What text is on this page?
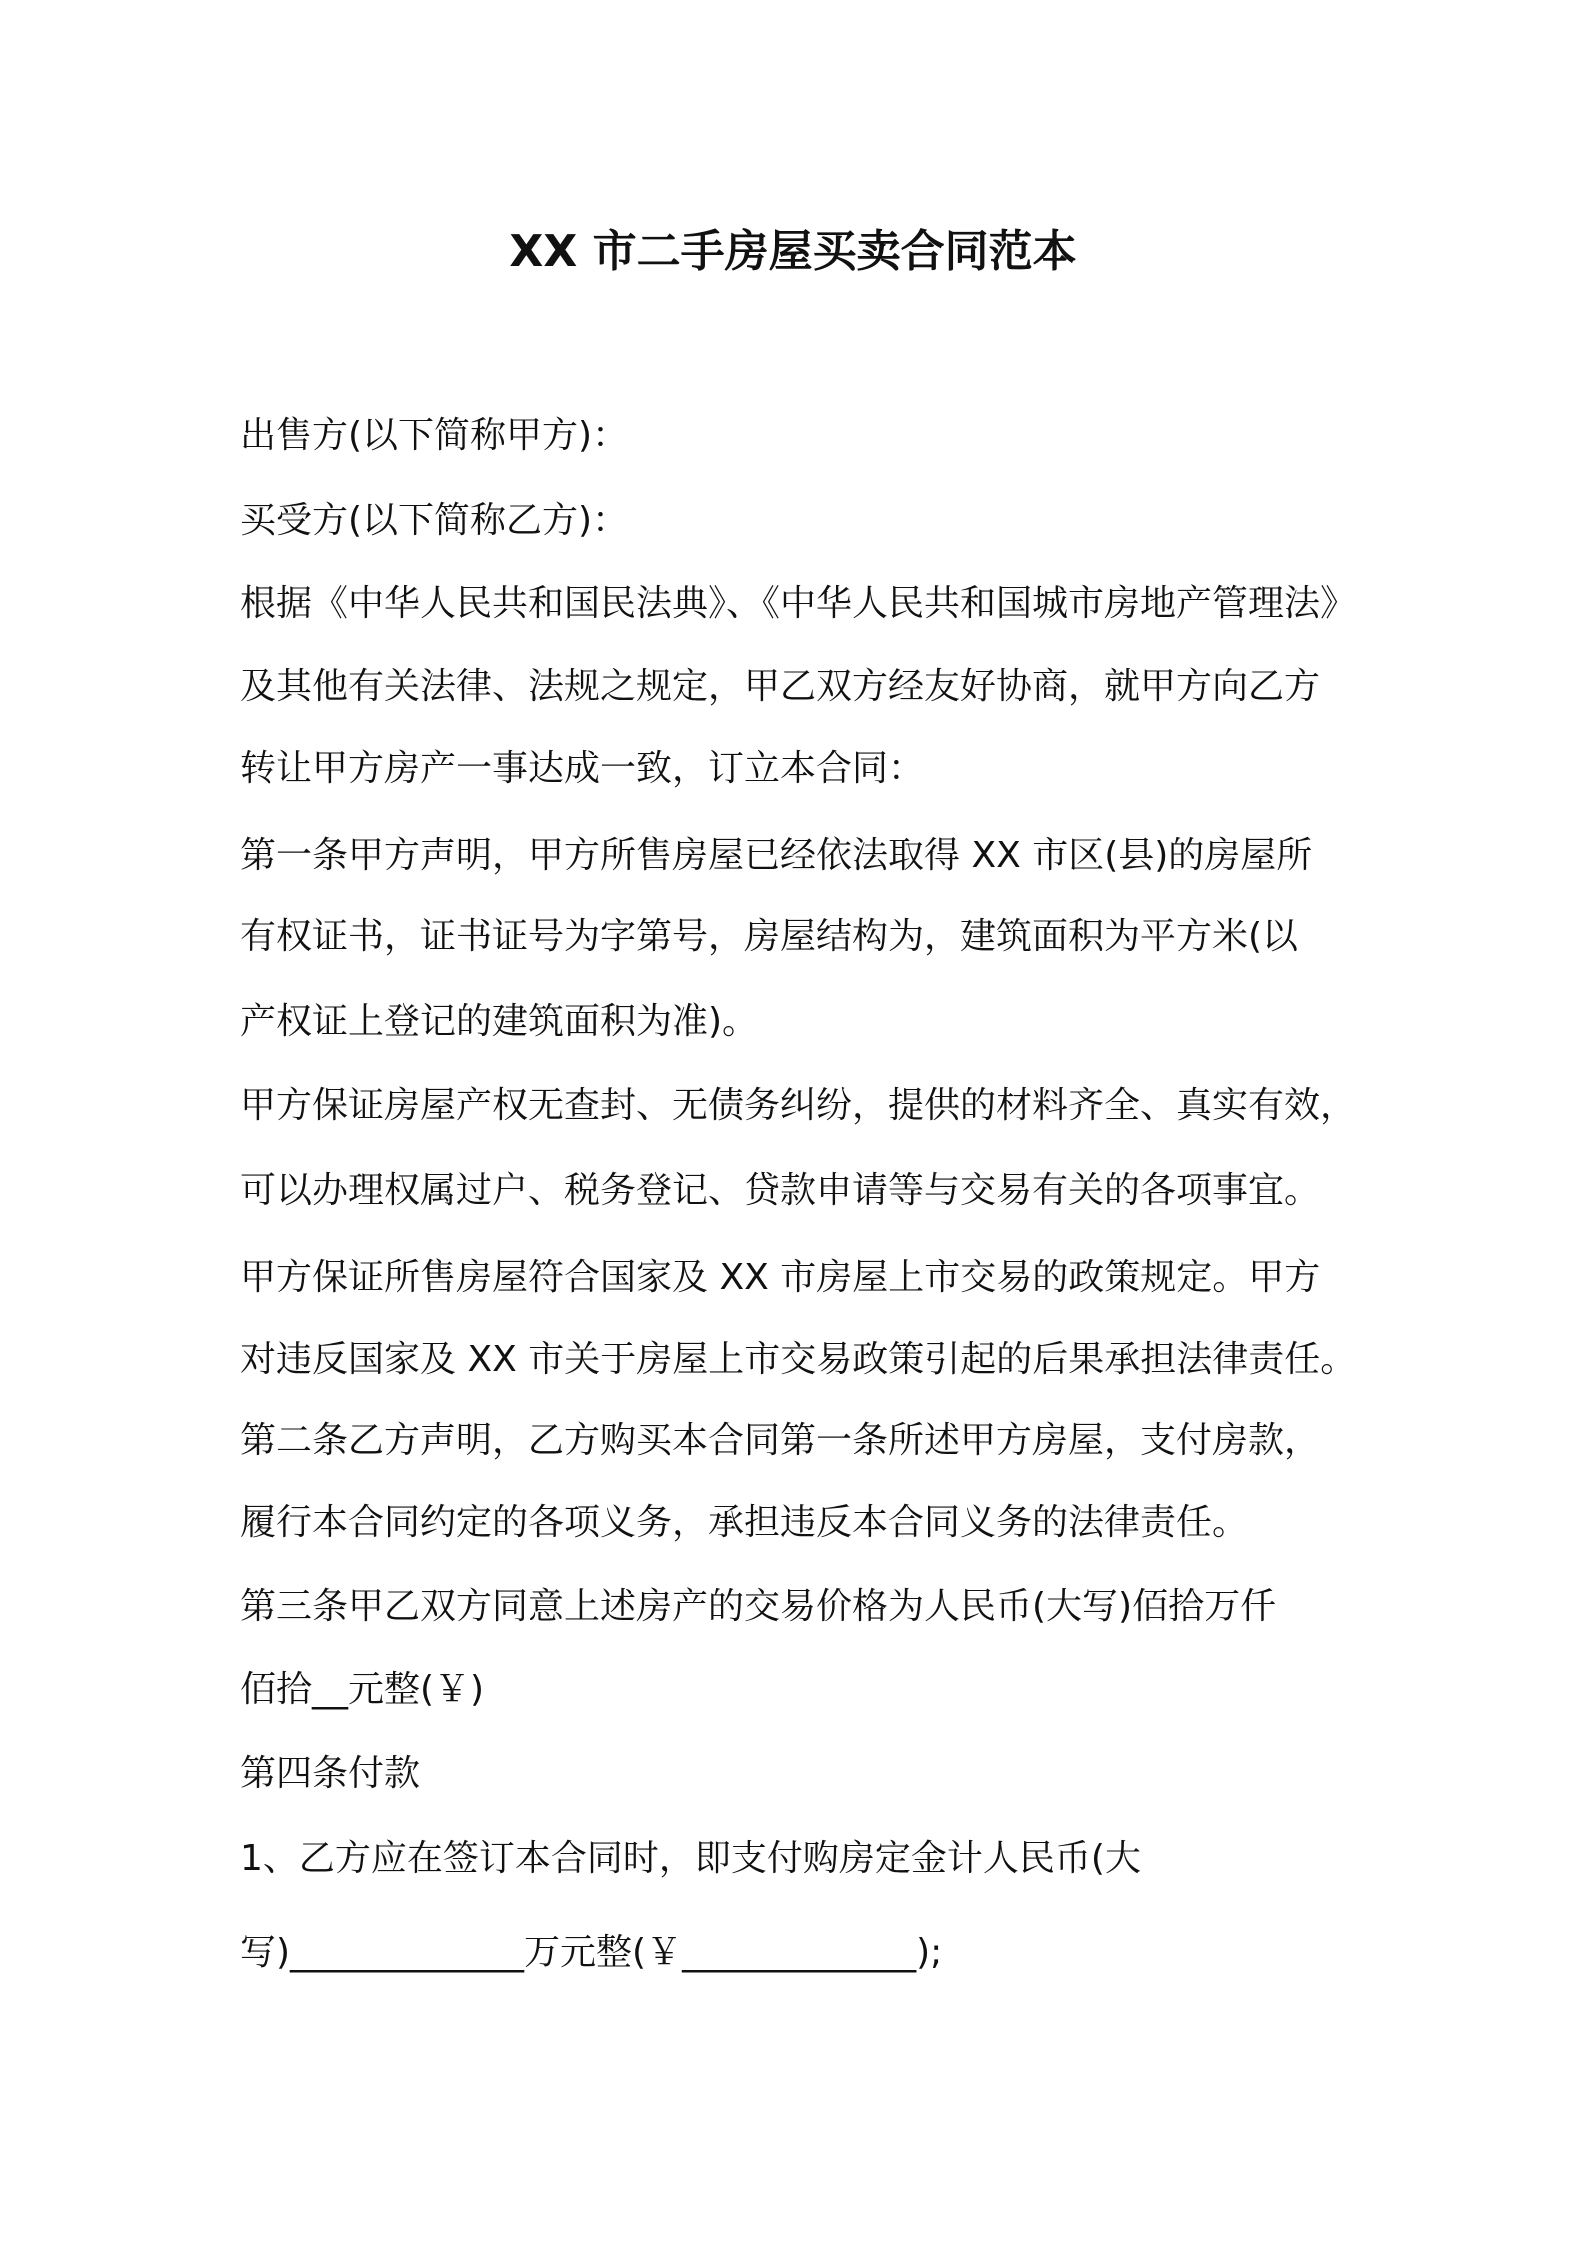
XX 市二手房屋买卖合同范本
出售方(以下简称甲方)：
买受方(以下简称乙方)：
根据《中华人民共和国民法典》、《中华人民共和国城市房地产管理法》
及其他有关法律、法规之规定，甲乙双方经友好协商，就甲方向乙方
转让甲方房产一事达成一致，订立本合同：
第一条甲方声明，甲方所售房屋已经依法取得 XX 市区(县)的房屋所
有权证书，证书证号为字第号，房屋结构为，建筑面积为平方米(以
产权证上登记的建筑面积为准)。
甲方保证房屋产权无查封、无债务纠纷，提供的材料齐全、真实有效，
可以办理权属过户、税务登记、贷款申请等与交易有关的各项事宜。
甲方保证所售房屋符合国家及 XX 市房屋上市交易的政策规定。甲方
对违反国家及 XX 市关于房屋上市交易政策引起的后果承担法律责任。
第二条乙方声明，乙方购买本合同第一条所述甲方房屋，支付房款，
履行本合同约定的各项义务，承担违反本合同义务的法律责任。
第三条甲乙双方同意上述房产的交易价格为人民币(大写)佰拾万仟
佰拾__元整(￥)
第四条付款
1、乙方应在签订本合同时，即支付购房定金计人民币(大
写)_____________万元整(￥_____________);
